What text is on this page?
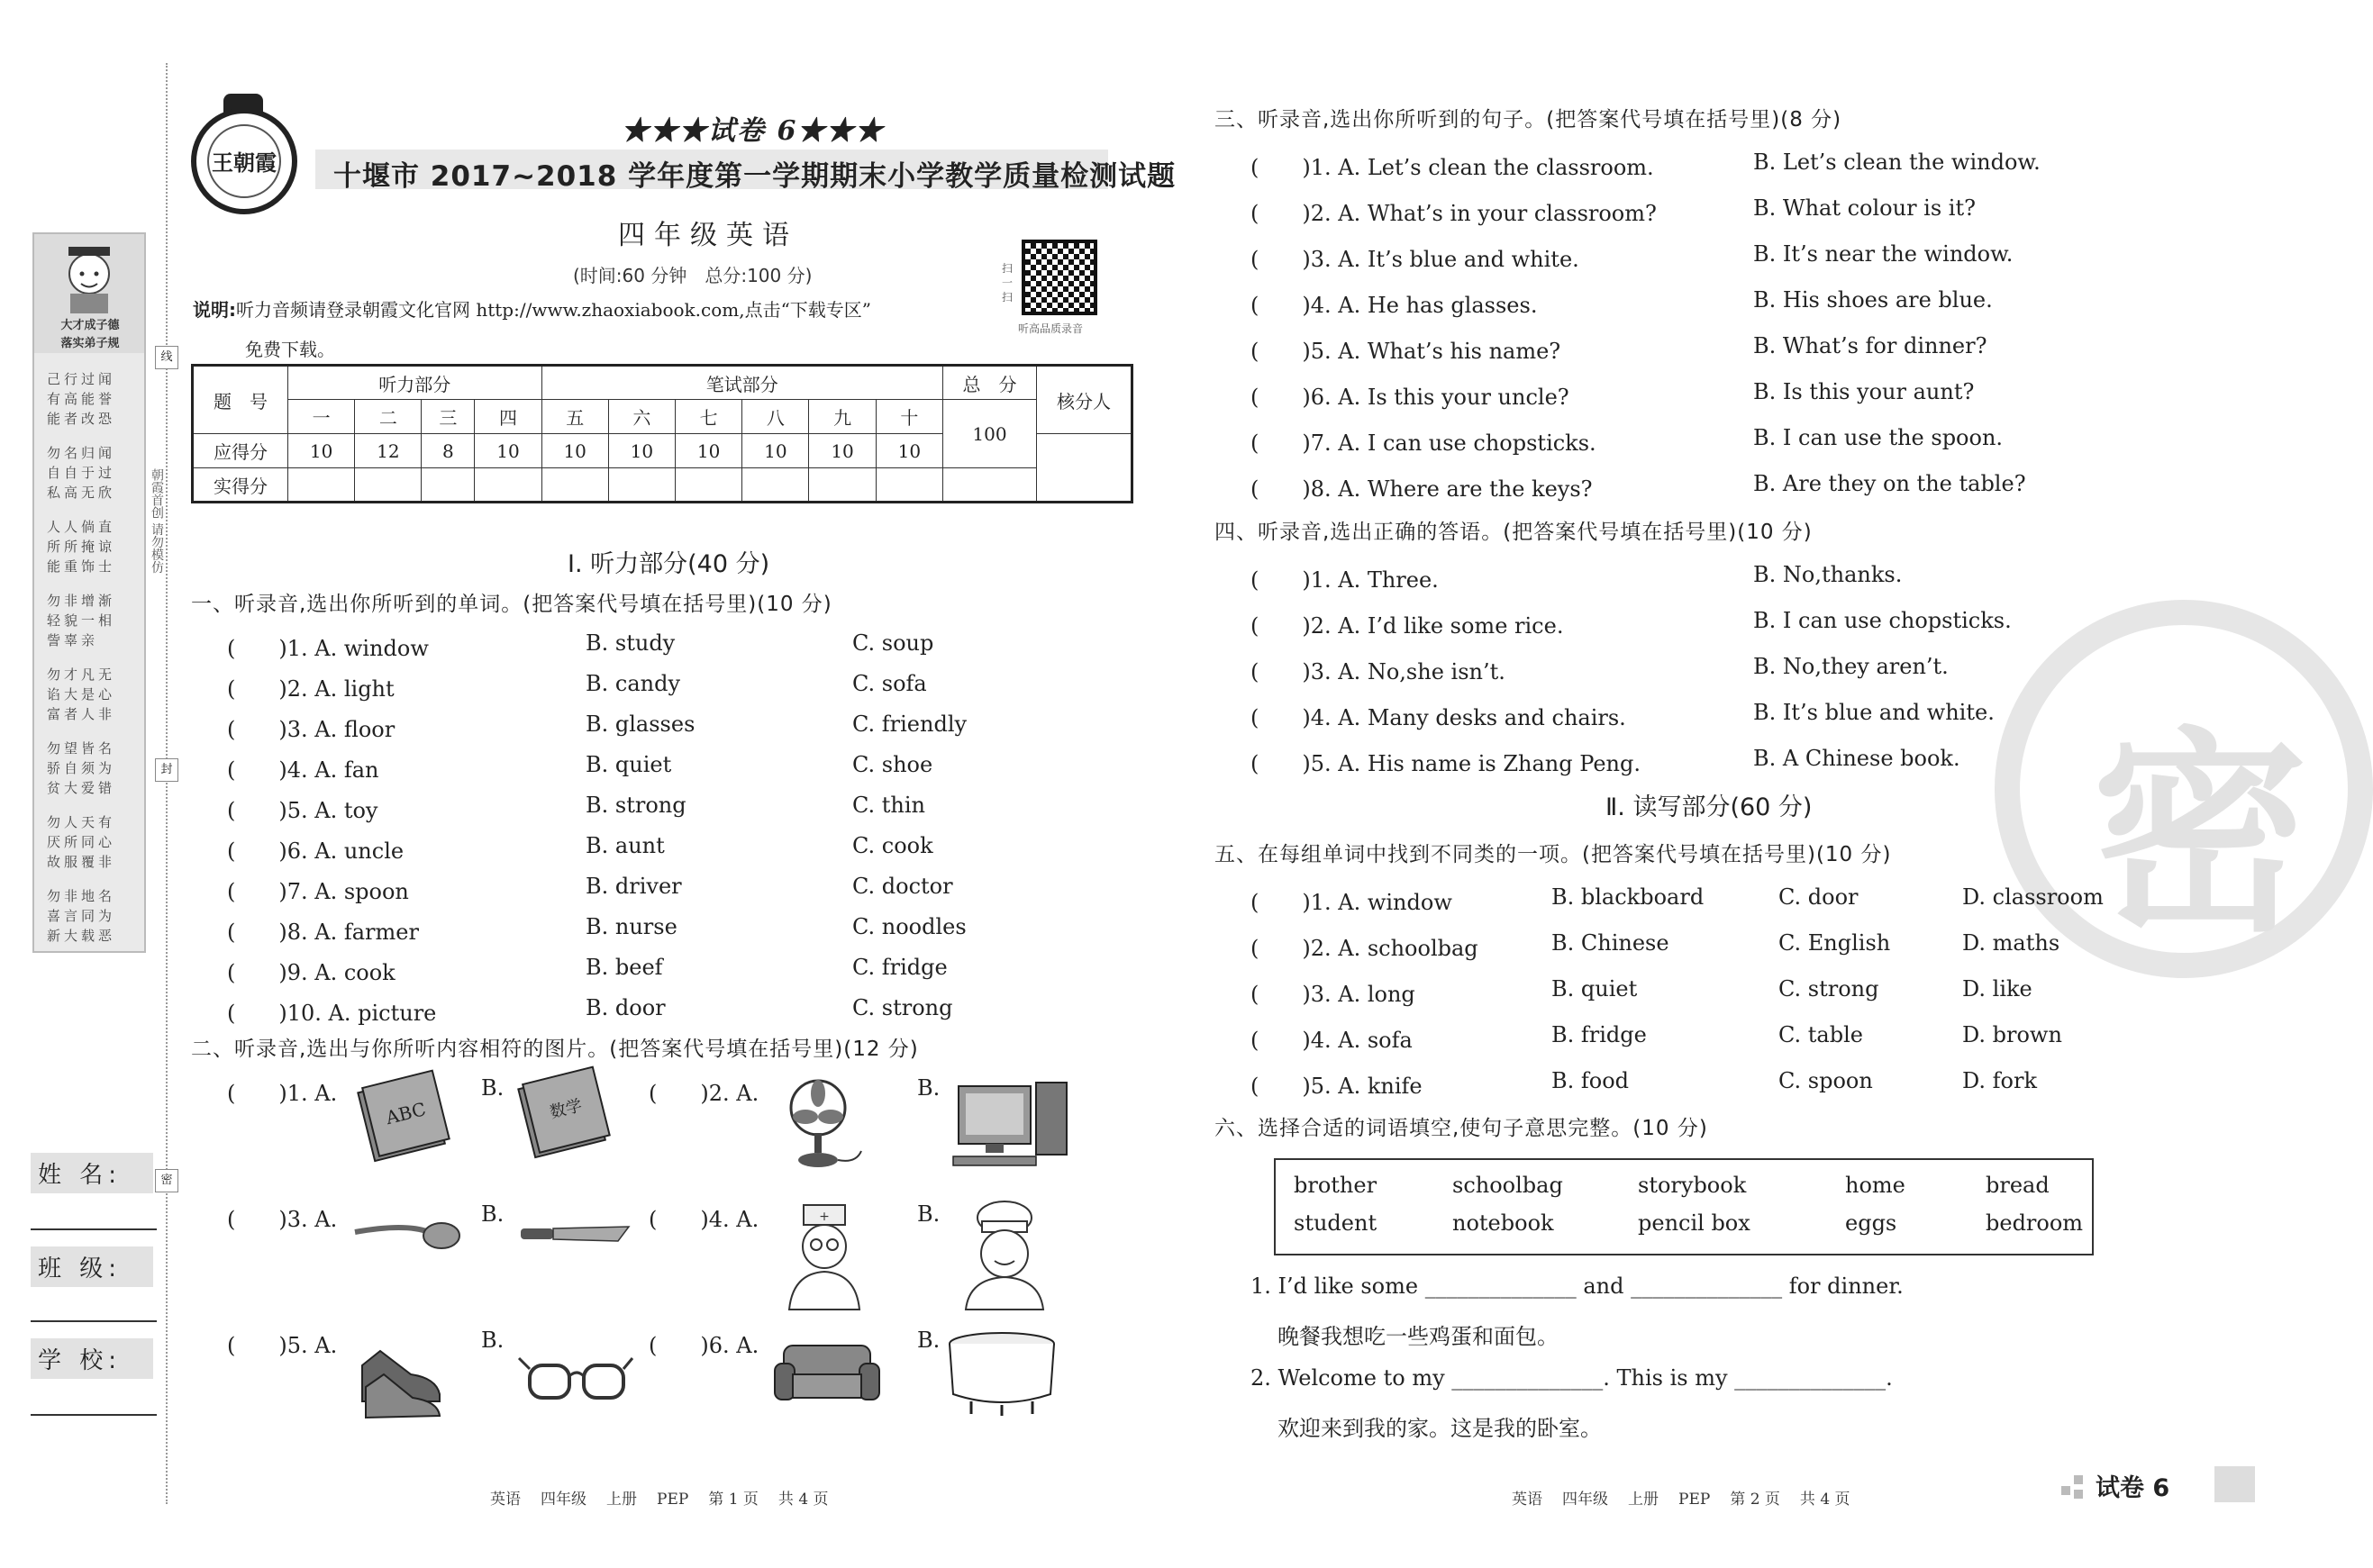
大才成子德
落实弟子规
己行过闻
有高能誉
能者改恐
勿名归闻
自自于过
私高无欣
人人倘直
所所掩谅
能重饰士
勿非增渐
轻貌一相
訾辜亲
勿才凡无
谄大是心
富者人非
勿望皆名
骄自须为
贫大爱错
勿人天有
厌所同心
故服覆非
勿非地名
喜言同为
新大载恶
线
封
密
朝霞首创 请勿模仿
姓 名:
班 级:
学 校:
王朝霞
★★★试卷 6★★★
十堰市 2017~2018 学年度第一学期期末小学教学质量检测试题
四年级英语
(时间:60 分钟　总分:100 分)
说明:听力音频请登录朝霞文化官网 http://www.zhaoxiabook.com,点击“下载专区”
免费下载。
扫一扫
听高品质录音
题　号	听力部分				笔试部分						总　分	核分人
	一	二	三	四	五	六	七	八	九	十	100	
应得分	10	12	8	10	10	10	10	10	10	10		
实得分												
Ⅰ. 听力部分(40 分)
一、听录音,选出你所听到的单词。(把答案代号填在括号里)(10 分)
(　　)1. A. window	B. study	C. soup
(　　)2. A. light	B. candy	C. sofa
(　　)3. A. floor	B. glasses	C. friendly
(　　)4. A. fan	B. quiet	C. shoe
(　　)5. A. toy	B. strong	C. thin
(　　)6. A. uncle	B. aunt	C. cook
(　　)7. A. spoon	B. driver	C. doctor
(　　)8. A. farmer	B. nurse	C. noodles
(　　)9. A. cook	B. beef	C. fridge
(　　)10. A. picture	B. door	C. strong
二、听录音,选出与你所听内容相符的图片。(把答案代号填在括号里)(12 分)
(　　)1. A.	B.	(　　)2. A.	B.
(　　)3. A.	B.	(　　)4. A.	B.
(　　)5. A.	B.	(　　)6. A.	B.
ABC	数学
+
三、听录音,选出你所听到的句子。(把答案代号填在括号里)(8 分)
(　　)1. A. Let’s clean the classroom.	B. Let’s clean the window.
(　　)2. A. What’s in your classroom?	B. What colour is it?
(　　)3. A. It’s blue and white.	B. It’s near the window.
(　　)4. A. He has glasses.	B. His shoes are blue.
(　　)5. A. What’s his name?	B. What’s for dinner?
(　　)6. A. Is this your uncle?	B. Is this your aunt?
(　　)7. A. I can use chopsticks.	B. I can use the spoon.
(　　)8. A. Where are the keys?	B. Are they on the table?
四、听录音,选出正确的答语。(把答案代号填在括号里)(10 分)
(　　)1. A. Three.	B. No,thanks.
(　　)2. A. I’d like some rice.	B. I can use chopsticks.
(　　)3. A. No,she isn’t.	B. No,they aren’t.
(　　)4. A. Many desks and chairs.	B. It’s blue and white.
(　　)5. A. His name is Zhang Peng.	B. A Chinese book. 密
Ⅱ. 读写部分(60 分)
五、在每组单词中找到不同类的一项。(把答案代号填在括号里)(10 分)
(　　)1. A. window	B. blackboard	C. door	D. classroom
(　　)2. A. schoolbag	B. Chinese	C. English	D. maths
(　　)3. A. long	B. quiet	C. strong	D. like
(　　)4. A. sofa	B. fridge	C. table	D. brown
(　　)5. A. knife	B. food	C. spoon	D. fork
六、选择合适的词语填空,使句子意思完整。(10 分)
brother	schoolbag	storybook	home	bread
student	notebook	pencil box	eggs	bedroom
1. I’d like some ______________ and ______________ for dinner.
晚餐我想吃一些鸡蛋和面包。
2. Welcome to my ______________. This is my ______________.
欢迎来到我的家。这是我的卧室。
英语 四年级 上册 PEP 第 1 页 共 4 页	英语 四年级 上册 PEP 第 2 页 共 4 页	试卷 6
